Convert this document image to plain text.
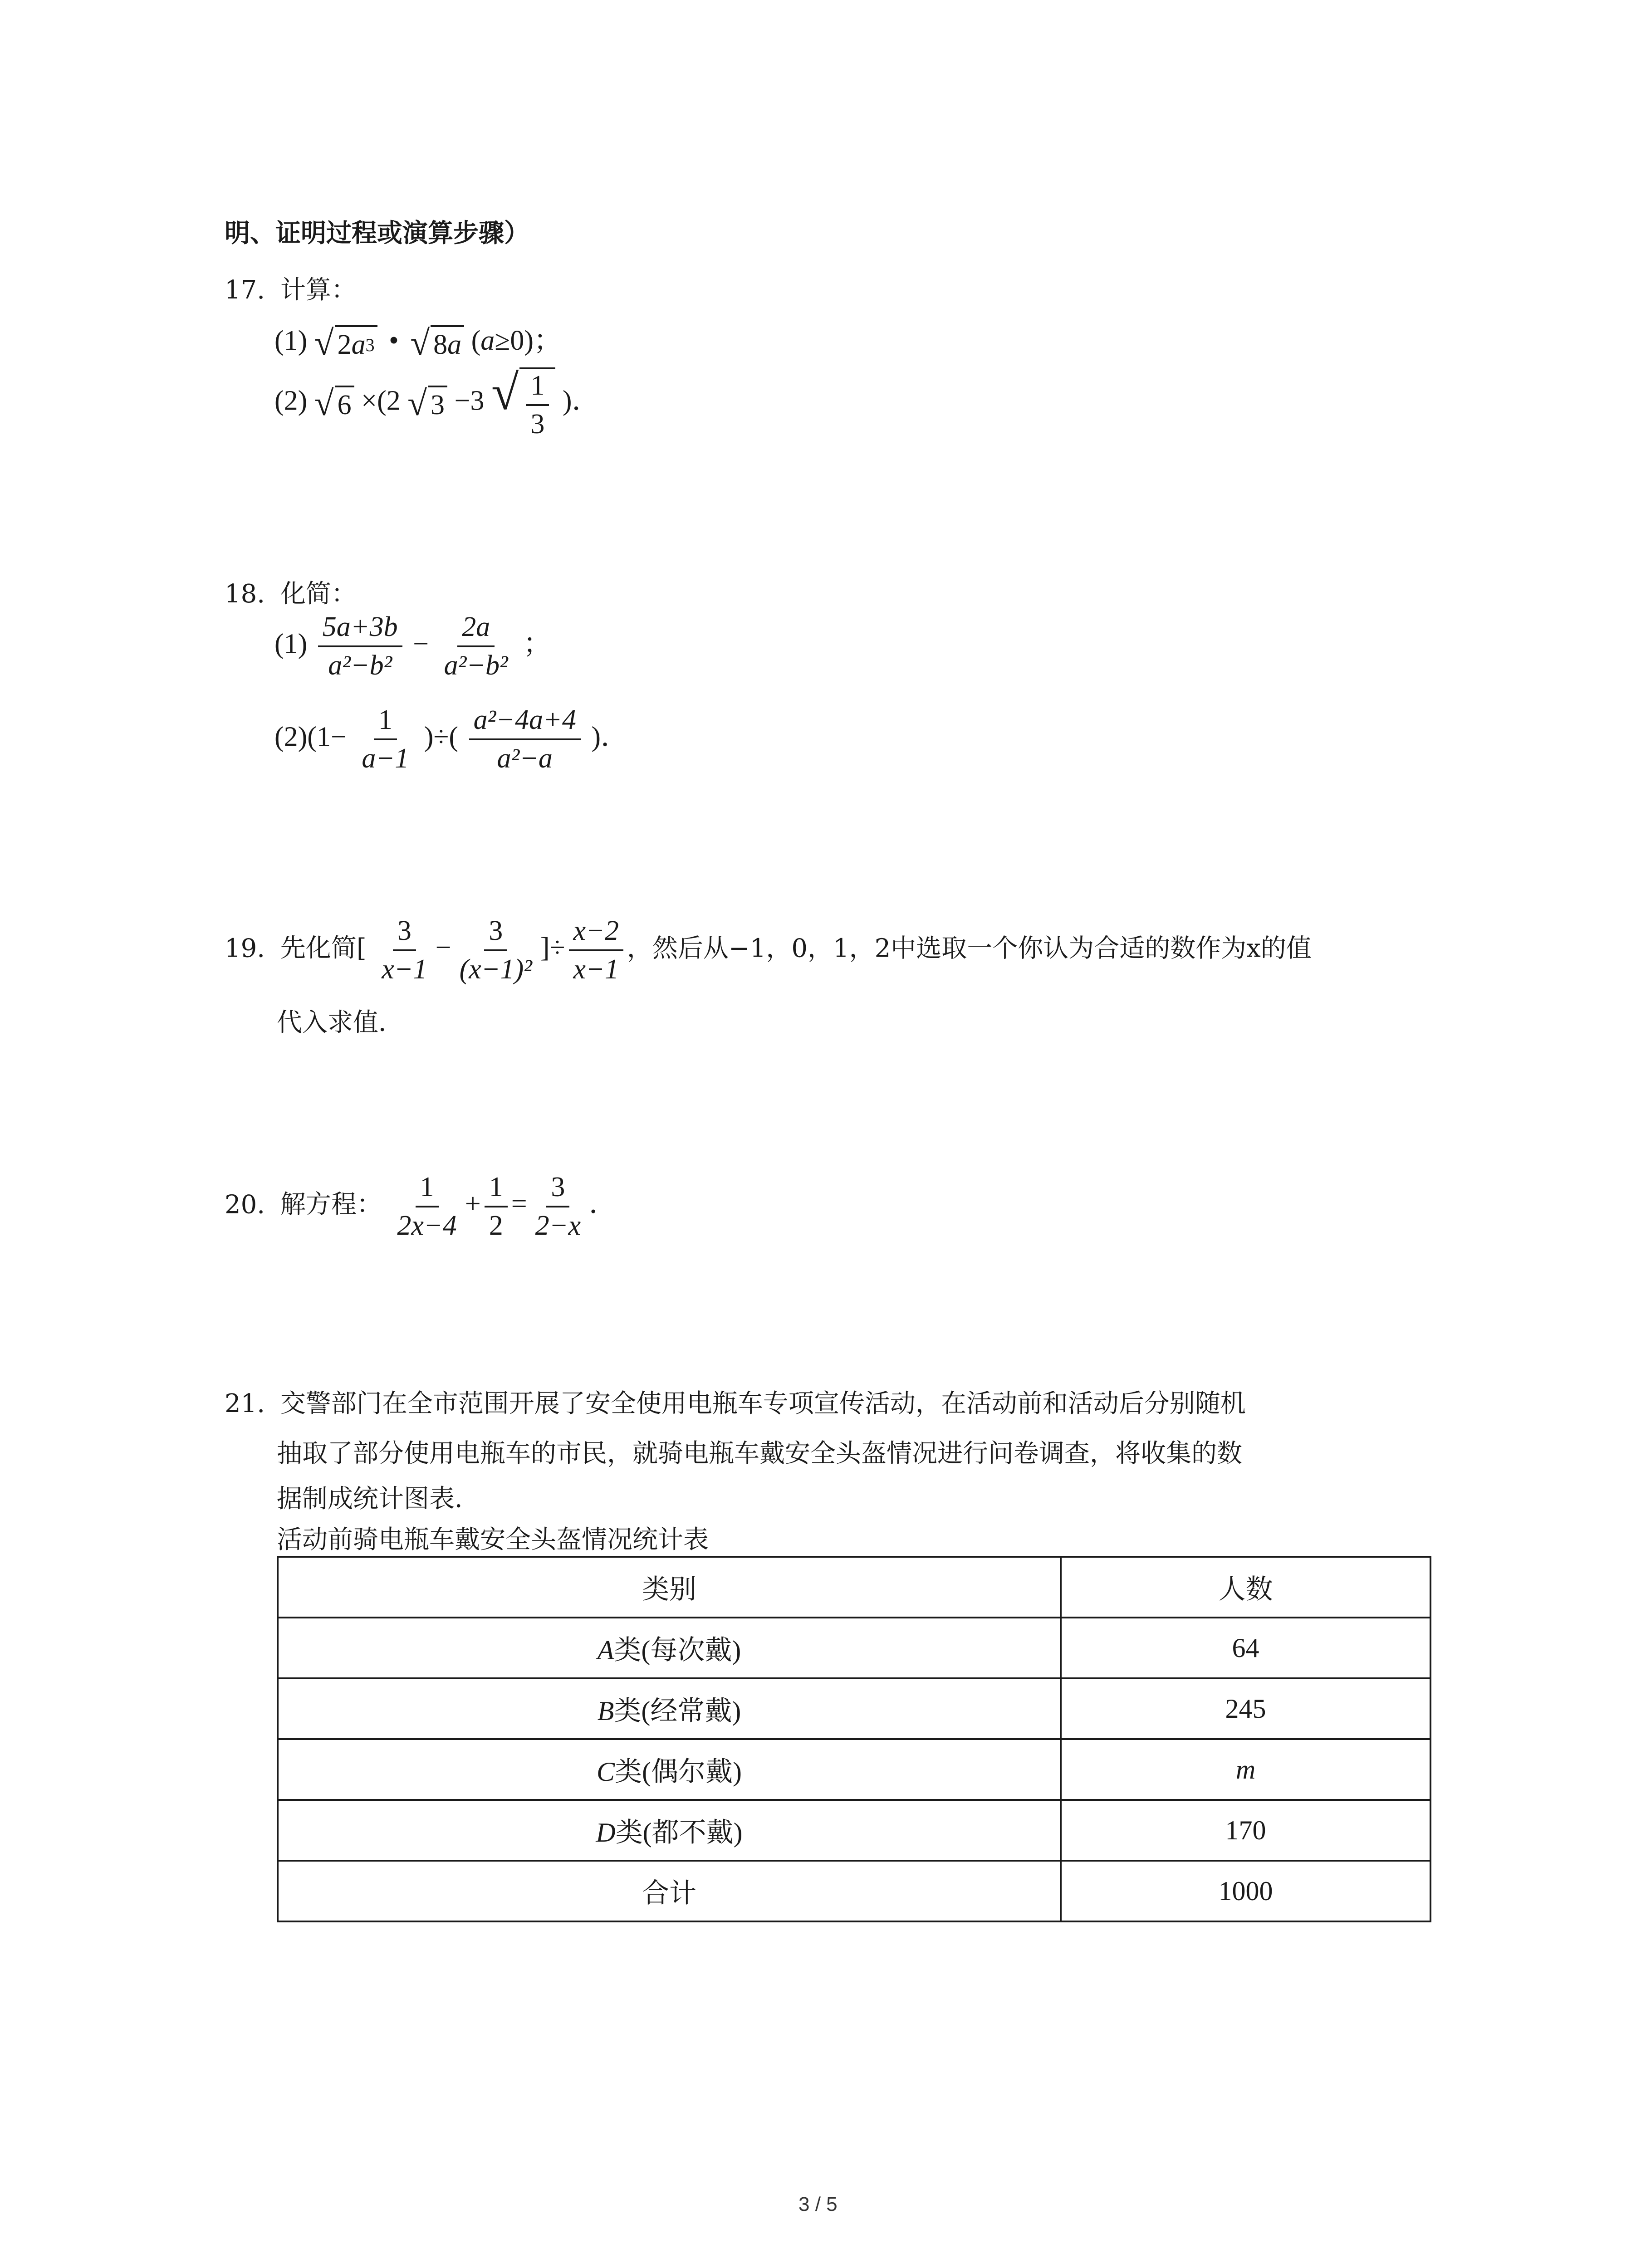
明、证明过程或演算步骤）
17. 计算：
(1) √ 2 a 3 • √ 8 a (a≥0)；
(2) √ 6 ×(2 √ 3 −3 √ $\frac{1}{3}$ )．
18. 化简：
$(1) \frac{5a+3b}{\text{a²−b²}} - \frac{2a}{\text{a²−b²}}$ ；
$(2)(1- \frac{1}{a-1}$ )÷( $\frac{\text{a²−4a+4}}{\text{a²−a}}$ )．
19. 先化简[ $\frac{3}{x-1} - \frac{3}{\text{(x−1)²}}$ ]÷ $\frac{x-2}{x-1}$ ，然后从−1，0，1，2中选取一个你认为合适的数作为x的值
代入求值．
20. 解方程： $\frac{1}{2x-4} + \frac{1}{2} = \frac{3}{2-x}$ ．
21. 交警部门在全市范围开展了安全使用电瓶车专项宣传活动，在活动前和活动后分别随机
抽取了部分使用电瓶车的市民，就骑电瓶车戴安全头盔情况进行问卷调查，将收集的数
据制成统计图表．
活动前骑电瓶车戴安全头盔情况统计表
类别	人数
A类(每次戴)	64
B类(经常戴)	245
C类(偶尔戴)	m
D类(都不戴)	170
合计	1000
3 / 5
